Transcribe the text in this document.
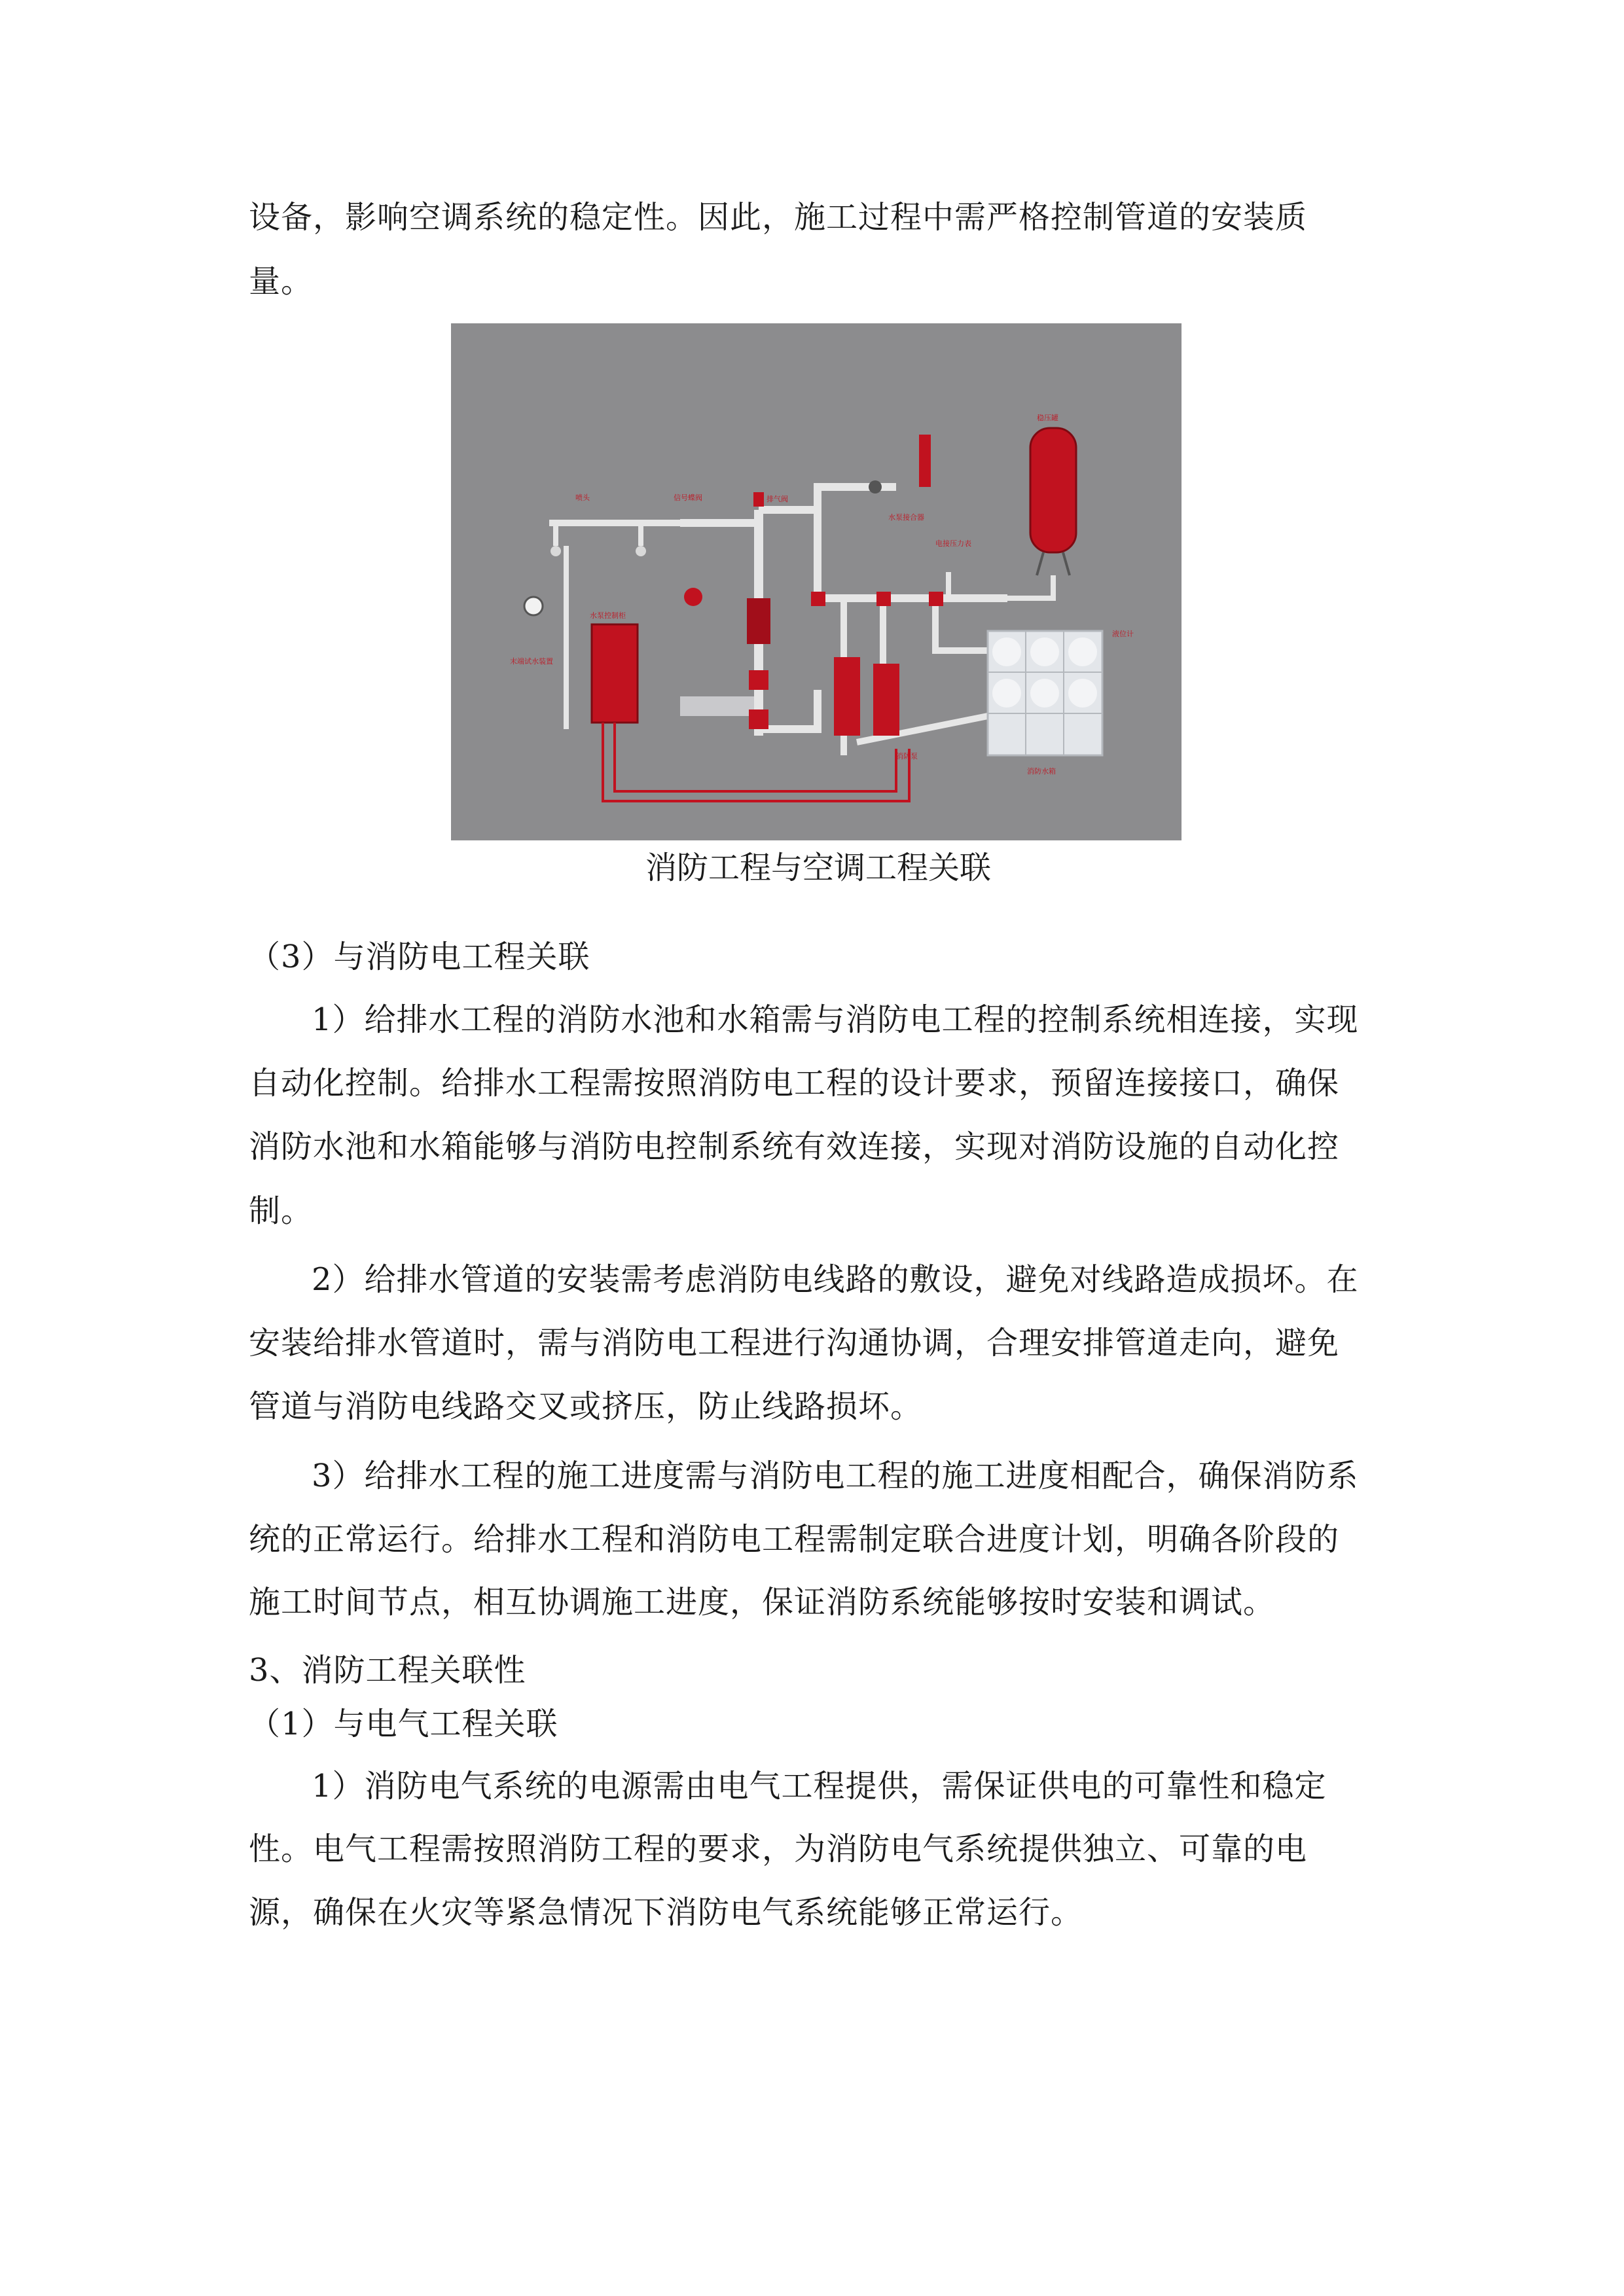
设备，影响空调系统的稳定性。因此，施工过程中需严格控制管道的安装质
量。
喷头	信号蝶阀	排气阀
水泵接合器
稳压罐
电接压力表
水泵控制柜
末端试水装置
消防泵
液位计
消防水箱
消防工程与空调工程关联
（3）与消防电工程关联
1）给排水工程的消防水池和水箱需与消防电工程的控制系统相连接，实现
自动化控制。给排水工程需按照消防电工程的设计要求，预留连接接口，确保
消防水池和水箱能够与消防电控制系统有效连接，实现对消防设施的自动化控
制。
2）给排水管道的安装需考虑消防电线路的敷设，避免对线路造成损坏。在
安装给排水管道时，需与消防电工程进行沟通协调，合理安排管道走向，避免
管道与消防电线路交叉或挤压，防止线路损坏。
3）给排水工程的施工进度需与消防电工程的施工进度相配合，确保消防系
统的正常运行。给排水工程和消防电工程需制定联合进度计划，明确各阶段的
施工时间节点，相互协调施工进度，保证消防系统能够按时安装和调试。
3、消防工程关联性
（1）与电气工程关联
1）消防电气系统的电源需由电气工程提供，需保证供电的可靠性和稳定
性。电气工程需按照消防工程的要求，为消防电气系统提供独立、可靠的电
源，确保在火灾等紧急情况下消防电气系统能够正常运行。
